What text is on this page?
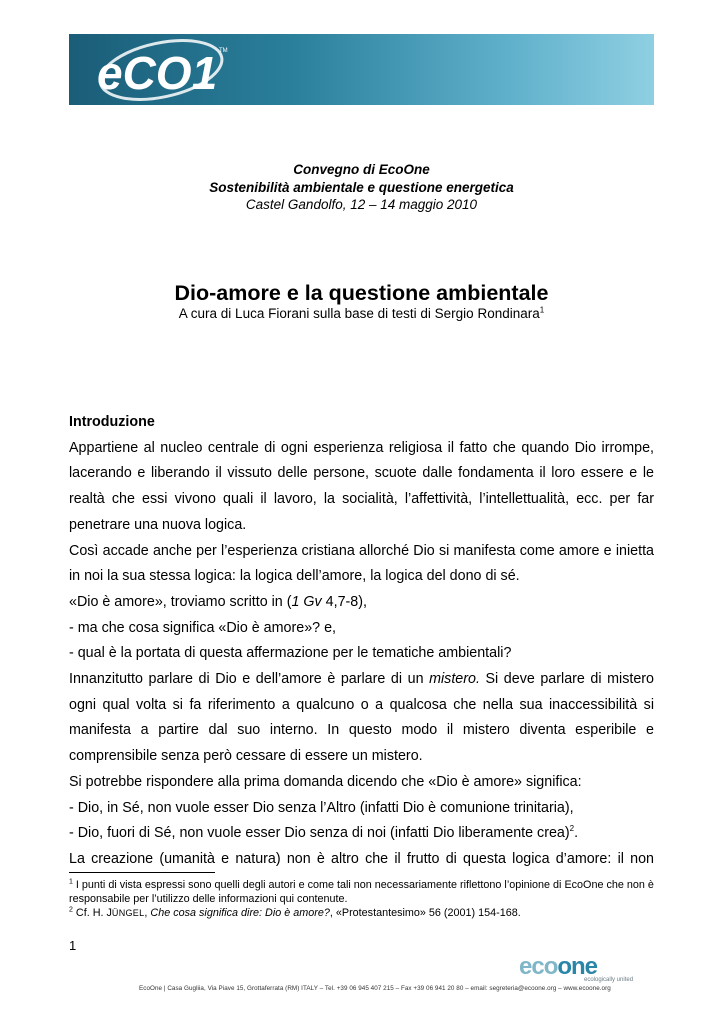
eCO1 TM
Convegno di EcoOne
Sostenibilità ambientale e questione energetica
Castel Gandolfo, 12 – 14 maggio 2010
Dio-amore e la questione ambientale
A cura di Luca Fiorani sulla base di testi di Sergio Rondinara$^1$

Introduzione

Appartiene al nucleo centrale di ogni esperienza religiosa il fatto che quando Dio irrompe, lacerando e liberando il vissuto delle persone, scuote dalle fondamenta il loro essere e le realtà che essi vivono quali il lavoro, la socialità, l’affettività, l’intellettualità, ecc. per far penetrare una nuova logica.

Così accade anche per l’esperienza cristiana allorché Dio si manifesta come amore e inietta in noi la sua stessa logica: la logica dell’amore, la logica del dono di sé.

«Dio è amore», troviamo scritto in (1 Gv 4,7-8),

- ma che cosa significa «Dio è amore»? e,

- qual è la portata di questa affermazione per le tematiche ambientali?

Innanzitutto parlare di Dio e dell’amore è parlare di un mistero. Si deve parlare di mistero ogni qual volta si fa riferimento a qualcuno o a qualcosa che nella sua inaccessibilità si manifesta a partire dal suo interno. In questo modo il mistero diventa esperibile e comprensibile senza però cessare di essere un mistero.

Si potrebbe rispondere alla prima domanda dicendo che «Dio è amore» significa:

- Dio, in Sé, non vuole esser Dio senza l’Altro (infatti Dio è comunione trinitaria),

- Dio, fuori di Sé, non vuole esser Dio senza di noi (infatti Dio liberamente crea)$^2$.

La creazione (umanità e natura) non è altro che il frutto di questa logica d’amore: il non

$^1$ I punti di vista espressi sono quelli degli autori e come tali non necessariamente riflettono l’opinione di EcoOne che non è responsabile per l’utilizzo delle informazioni qui contenute.

$^2$ Cf. H. JÜNGEL, Che cosa significa dire: Dio è amore?, «Protestantesimo» 56 (2001) 154-168.

1
ecoone
ecologically united
EcoOne | Casa Gugliia, Via Piave 15, Grottaferrata (RM) ITALY – Tel. +39 06 945 407 215 – Fax +39 06 941 20 80 – email: segreteria@ecoone.org – www.ecoone.org
